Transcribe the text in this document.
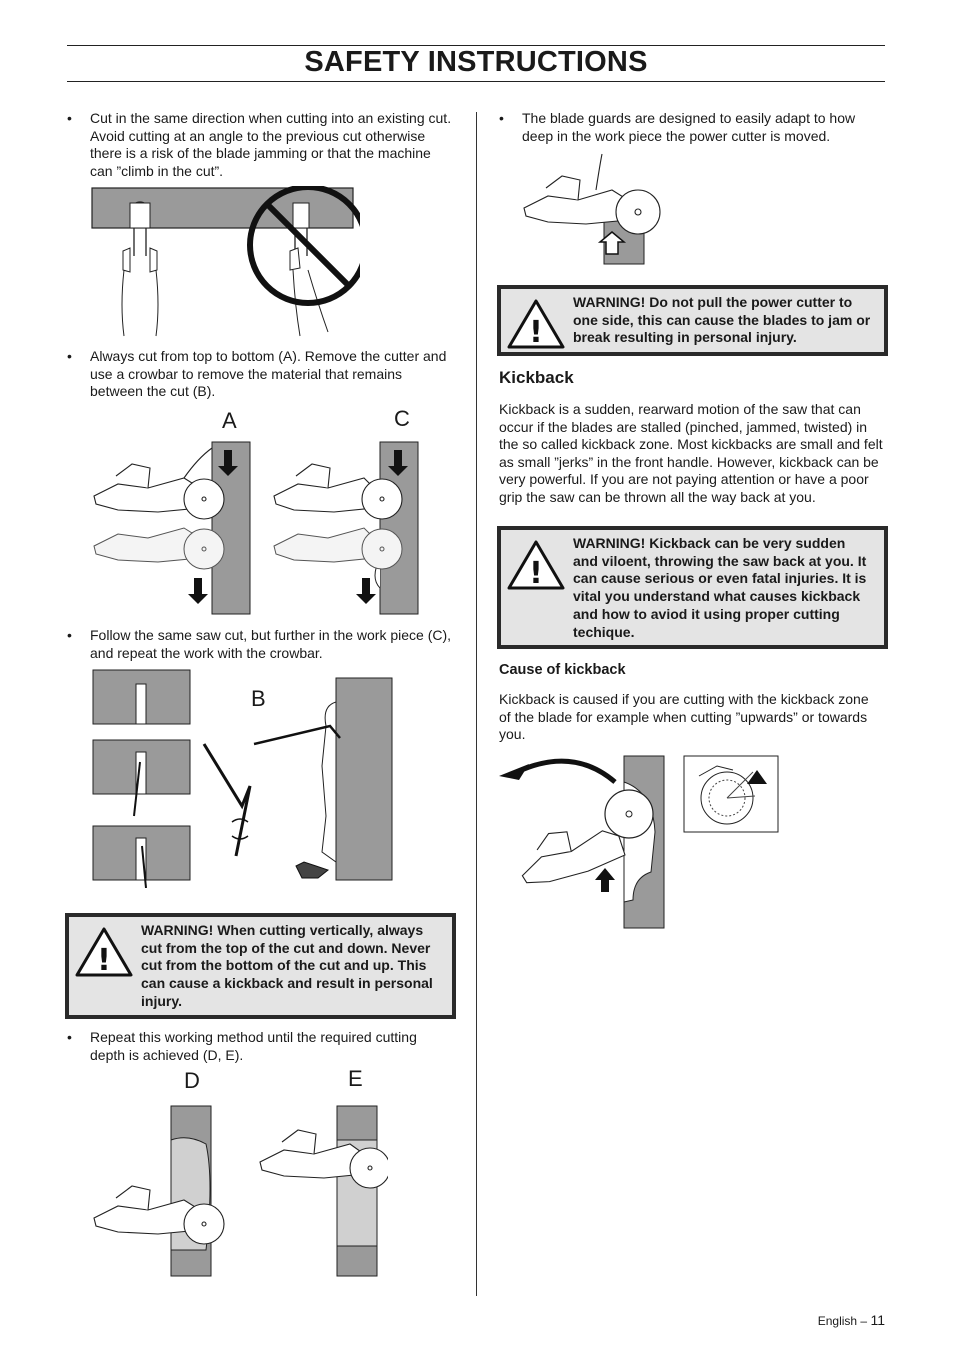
SAFETY INSTRUCTIONS
• Cut in the same direction when cutting into an existing cut.
Avoid cutting at an angle to the previous cut otherwise
there is a risk of the blade jamming or that the machine
can ”climb in the cut”.
• Always cut from top to bottom (A). Remove the cutter and
use a crowbar to remove the material that remains
between the cut (B).
A	C
• Follow the same saw cut, but further in the work piece (C),
and repeat the work with the crowbar.
B
!
WARNING! When cutting vertically, always
cut from the top of the cut and down. Never
cut from the bottom of the cut and up. This
can cause a kickback and result in personal
injury.
• Repeat this working method until the required cutting
depth is achieved (D, E).
D	E
• The blade guards are designed to easily adapt to how
deep in the work piece the power cutter is moved.
!
WARNING! Do not pull the power cutter to
one side, this can cause the blades to jam or
break resulting in personal injury.
Kickback
Kickback is a sudden, rearward motion of the saw that can
occur if the blades are stalled (pinched, jammed, twisted) in
the so called kickback zone. Most kickbacks are small and felt
as small ”jerks” in the front handle. However, kickback can be
very powerful. If you are not paying attention or have a poor
grip the saw can be thrown all the way back at you.
!
WARNING! Kickback can be very sudden
and viloent, throwing the saw back at you. It
can cause serious or even fatal injuries. It is
vital you understand what causes kickback
and how to aviod it using proper cutting
techique.
Cause of kickback
Kickback is caused if you are cutting with the kickback zone
of the blade for example when cutting ”upwards” or towards
you.
English – 11
